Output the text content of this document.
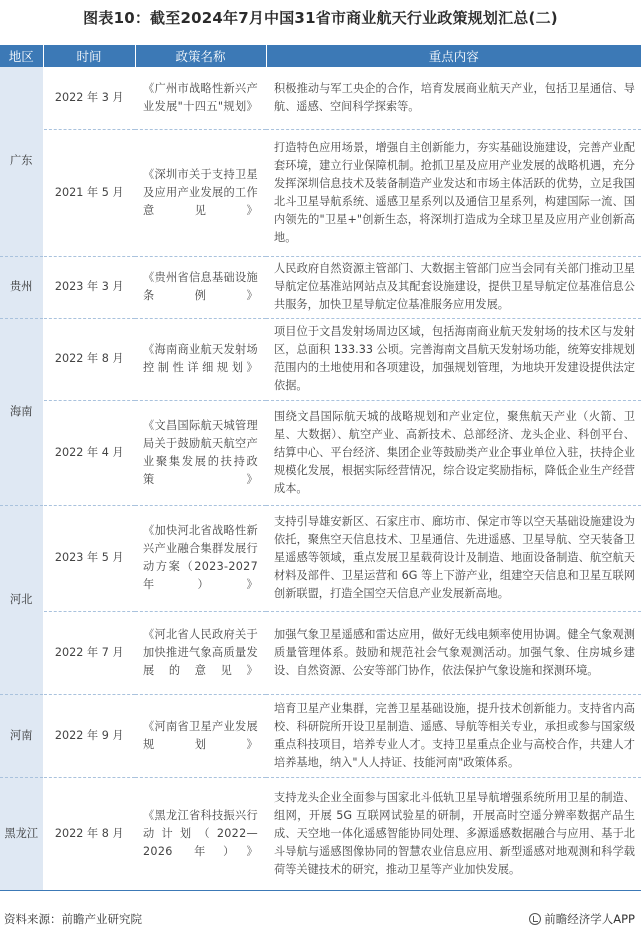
图表10：截至2024年7月中国31省市商业航天行业政策规划汇总(二)
地区	时间	政策名称	重点内容
广东	2022 年 3 月	《广州市战略性新兴产业发展"十四五"规划》	积极推动与军工央企的合作，培育发展商业航天产业，包括卫星通信、导航、遥感、空间科学探索等。
	2021 年 5 月	《深圳市关于支持卫星及应用产业发展的工作意见》	打造特色应用场景，增强自主创新能力，夯实基础设施建设，完善产业配套环境，建立行业保障机制。抢抓卫星及应用产业发展的战略机遇，充分发挥深圳信息技术及装备制造产业发达和市场主体活跃的优势，立足我国北斗卫星导航系统、遥感卫星系列以及通信卫星系列，构建国际一流、国内领先的"卫星+"创新生态，将深圳打造成为全球卫星及应用产业创新高地。
贵州	2023 年 3 月	《贵州省信息基础设施条例》	人民政府自然资源主管部门、大数据主管部门应当会同有关部门推动卫星导航定位基准站网站点及其配套设施建设，提供卫星导航定位基准信息公共服务，加快卫星导航定位基准服务应用发展。
海南	2022 年 8 月	《海南商业航天发射场控制性详细规划》	项目位于文昌发射场周边区域，包括海南商业航天发射场的技术区与发射区，总面积 133.33 公顷。完善海南文昌航天发射场功能，统筹安排规划范围内的土地使用和各项建设，加强规划管理，为地块开发建设提供法定依据。
	2022 年 4 月	《文昌国际航天城管理局关于鼓励航天航空产业聚集发展的扶持政策》	围绕文昌国际航天城的战略规划和产业定位，聚焦航天产业（火箭、卫星、大数据）、航空产业、高新技术、总部经济、龙头企业、科创平台、结算中心、平台经济、集团企业等鼓励类产业企事业单位入驻，扶持企业规模化发展，根据实际经营情况，综合设定奖励指标，降低企业生产经营成本。
河北	2023 年 5 月	《加快河北省战略性新兴产业融合集群发展行动方案（2023-2027 年）》	支持引导雄安新区、石家庄市、廊坊市、保定市等以空天基础设施建设为依托，聚焦空天信息技术、卫星通信、先进遥感、卫星导航、空天装备卫星遥感等领域，重点发展卫星载荷设计及制造、地面设备制造、航空航天材料及部件、卫星运营和 6G 等上下游产业，组建空天信息和卫星互联网创新联盟，打造全国空天信息产业发展新高地。
	2022 年 7 月	《河北省人民政府关于加快推进气象高质量发展的意见》	加强气象卫星遥感和雷达应用，做好无线电频率使用协调。健全气象观测质量管理体系。鼓励和规范社会气象观测活动。加强气象、住房城乡建设、自然资源、公安等部门协作，依法保护气象设施和探测环境。
河南	2022 年 9 月	《河南省卫星产业发展规划》	培育卫星产业集群，完善卫星基础设施，提升技术创新能力。支持省内高校、科研院所开设卫星制造、遥感、导航等相关专业，承担或参与国家级重点科技项目，培养专业人才。支持卫星重点企业与高校合作，共建人才培养基地，纳入"人人持证、技能河南"政策体系。
黑龙江	2022 年 8 月	《黑龙江省科技振兴行动计划（2022—2026 年）》	支持龙头企业全面参与国家北斗低轨卫星导航增强系统所用卫星的制造、组网，开展 5G 互联网试验星的研制，开展高时空遥分辨率数据产品生成、天空地一体化遥感智能协同处理、多源遥感数据融合与应用、基于北斗导航与遥感图像协同的智慧农业信息应用、新型遥感对地观测和科学载荷等关键技术的研究，推动卫星等产业加快发展。
资料来源：前瞻产业研究院	前瞻经济学人APP
